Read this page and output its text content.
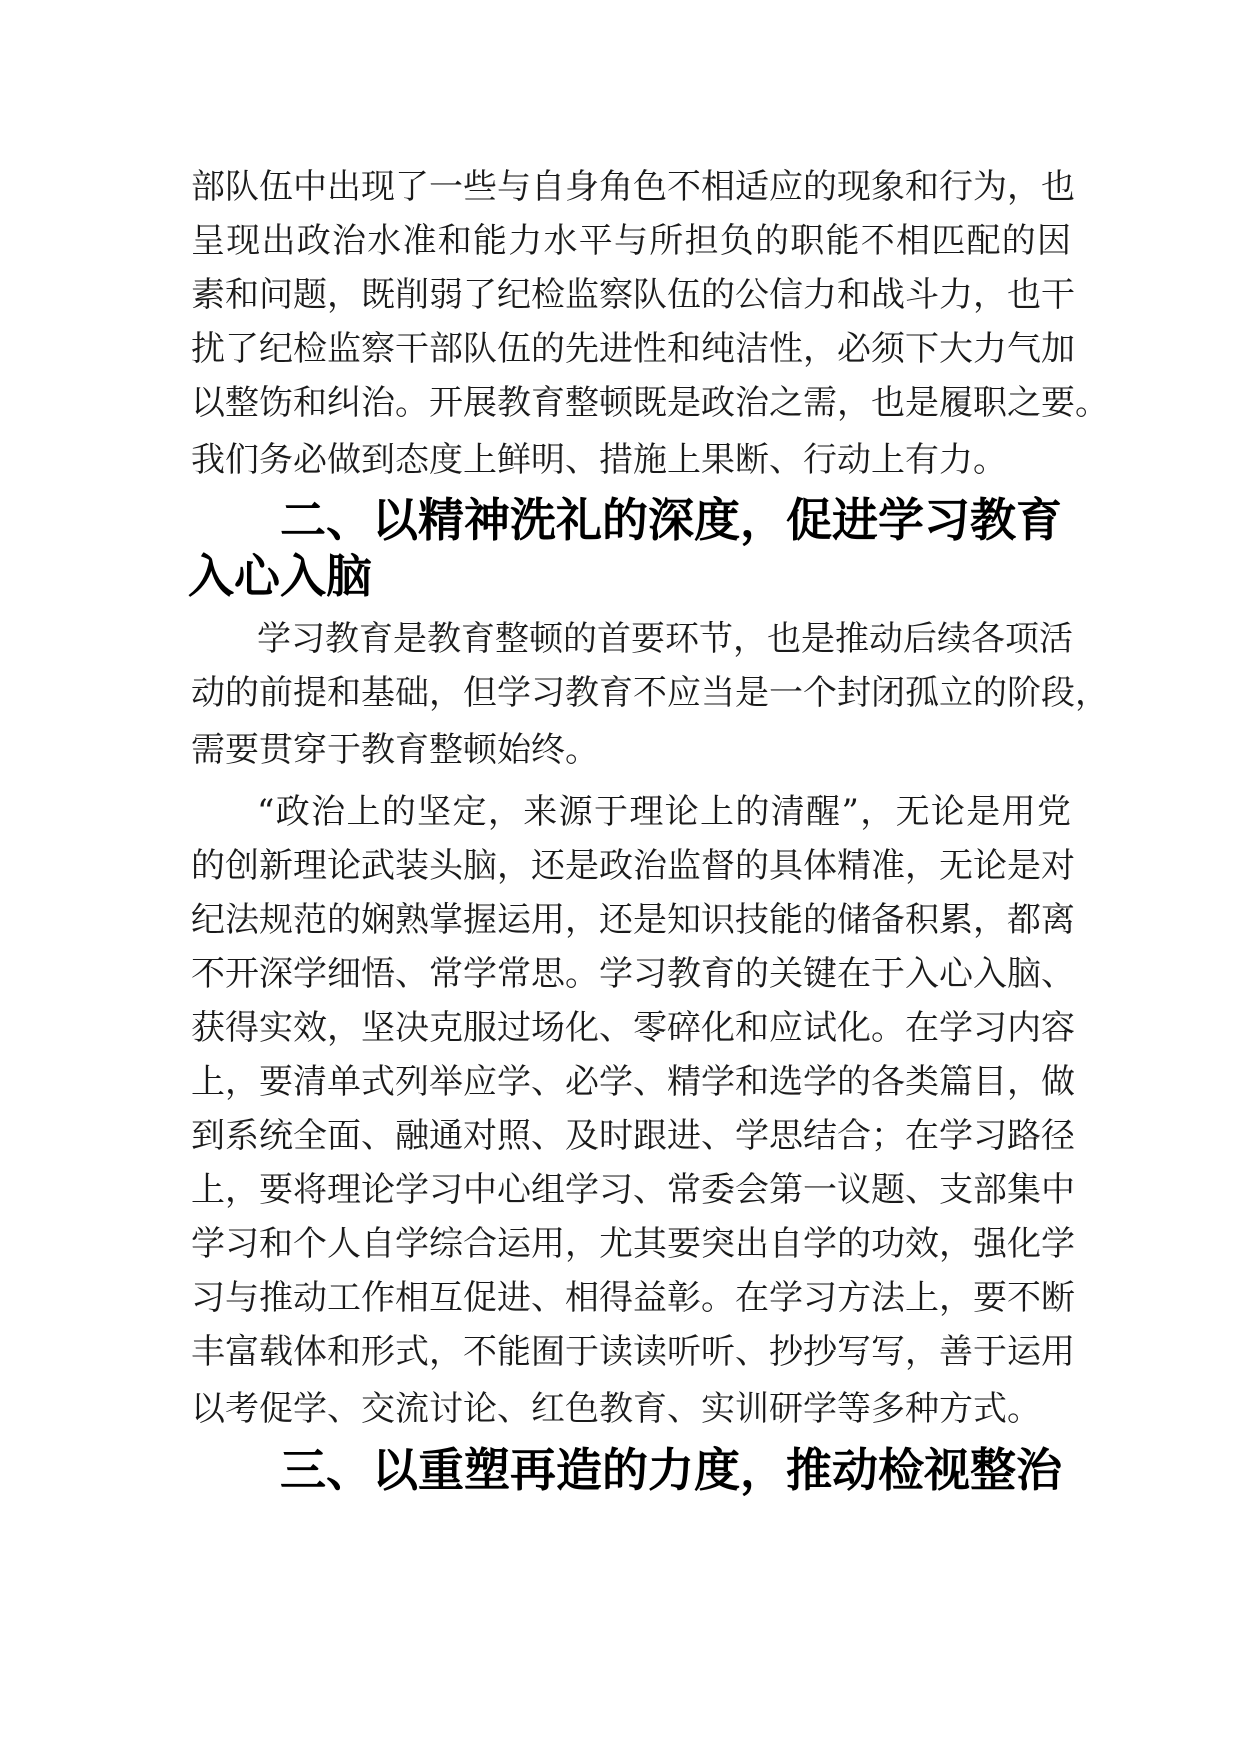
部队伍中出现了一些与自身角色不相适应的现象和行为，也
呈现出政治水准和能力水平与所担负的职能不相匹配的因
素和问题，既削弱了纪检监察队伍的公信力和战斗力，也干
扰了纪检监察干部队伍的先进性和纯洁性，必须下大力气加
以整饬和纠治。开展教育整顿既是政治之需，也是履职之要。
我们务必做到态度上鲜明、措施上果断、行动上有力。
二、以精神洗礼的深度，促进学习教育
入心入脑
学习教育是教育整顿的首要环节，也是推动后续各项活
动的前提和基础，但学习教育不应当是一个封闭孤立的阶段，
需要贯穿于教育整顿始终。
“政治上的坚定，来源于理论上的清醒”，无论是用党
的创新理论武装头脑，还是政治监督的具体精准，无论是对
纪法规范的娴熟掌握运用，还是知识技能的储备积累，都离
不开深学细悟、常学常思。学习教育的关键在于入心入脑、
获得实效，坚决克服过场化、零碎化和应试化。在学习内容
上，要清单式列举应学、必学、精学和选学的各类篇目，做
到系统全面、融通对照、及时跟进、学思结合；在学习路径
上，要将理论学习中心组学习、常委会第一议题、支部集中
学习和个人自学综合运用，尤其要突出自学的功效，强化学
习与推动工作相互促进、相得益彰。在学习方法上，要不断
丰富载体和形式，不能囿于读读听听、抄抄写写，善于运用
以考促学、交流讨论、红色教育、实训研学等多种方式。
三、以重塑再造的力度，推动检视整治
